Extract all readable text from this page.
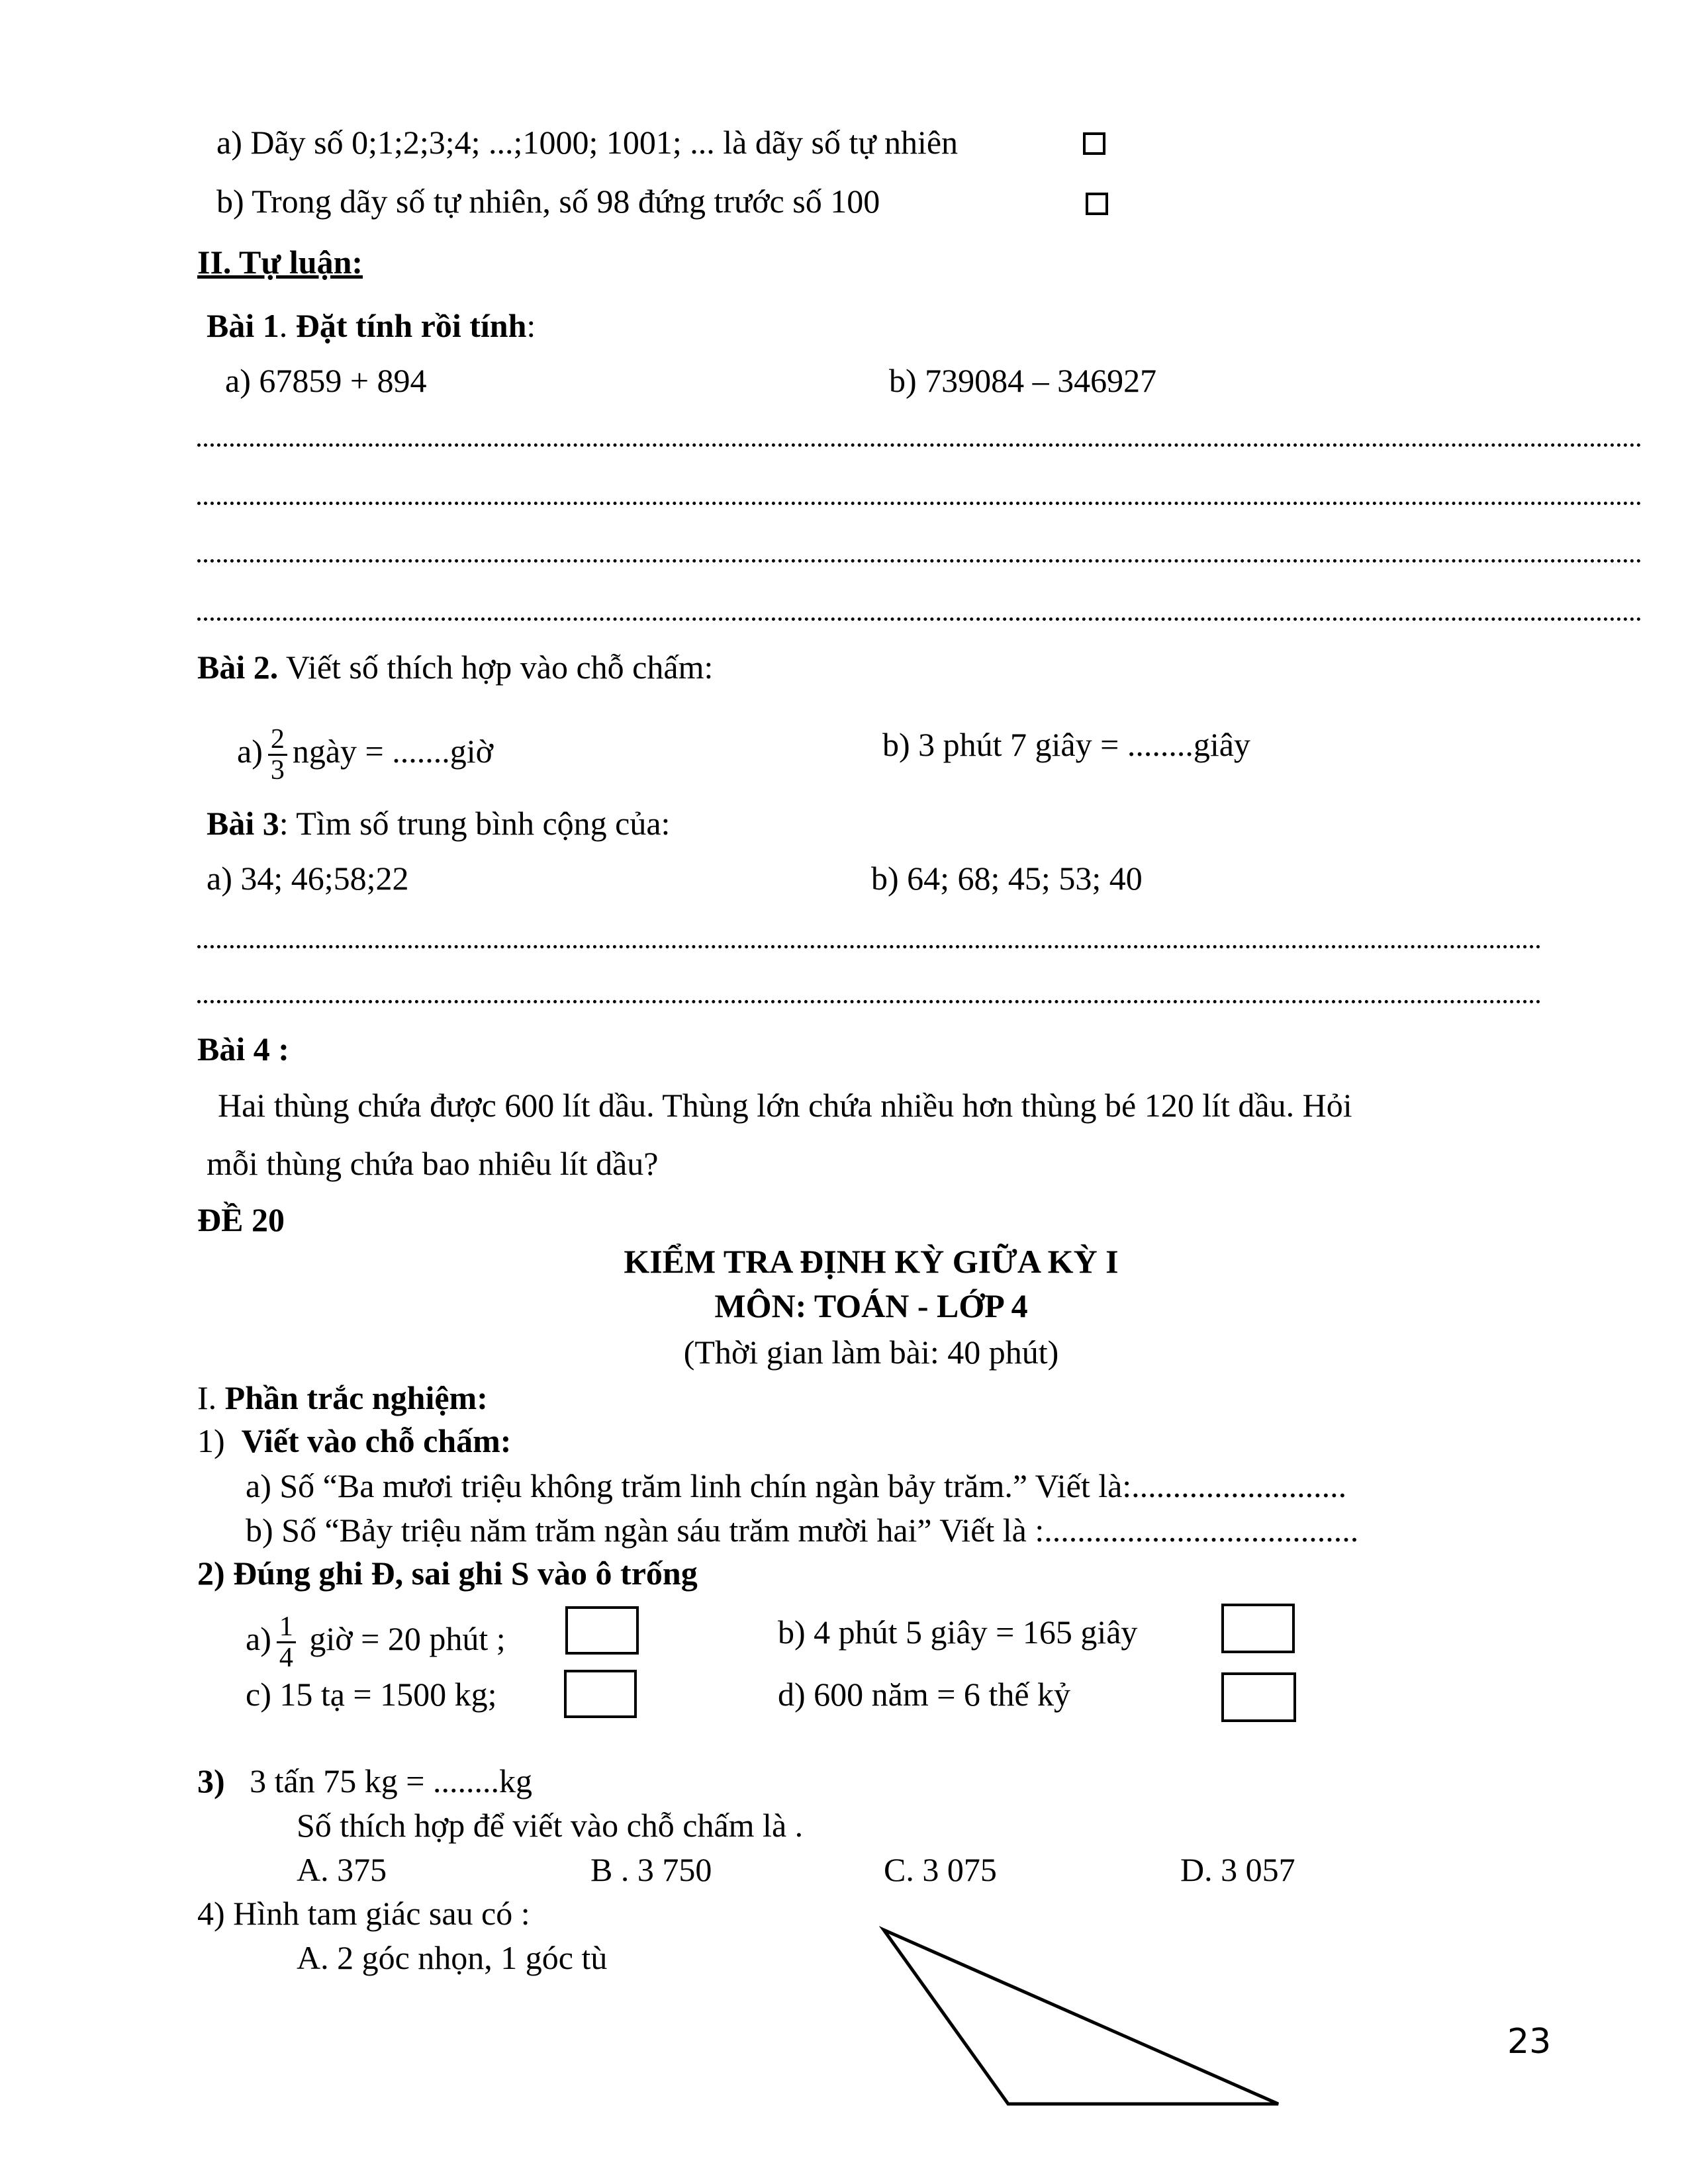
a) Dãy số 0;1;2;3;4; ...;1000; 1001; ... là dãy số tự nhiên
b) Trong dãy số tự nhiên, số 98 đứng trước số 100
II. Tự luận:
Bài 1. Đặt tính rồi tính:
a) 67859 + 894	b) 739084 – 346927
Bài 2. Viết số thích hợp vào chỗ chấm:
$a) \frac{2}{3}$ ngày = .......giờ	b) 3 phút 7 giây = ........giây
Bài 3: Tìm số trung bình cộng của:
a) 34; 46;58;22	b) 64; 68; 45; 53; 40
Bài 4 :
Hai thùng chứa được 600 lít dầu. Thùng lớn chứa nhiều hơn thùng bé 120 lít dầu. Hỏi
mỗi thùng chứa bao nhiêu lít dầu?
ĐỀ 20
KIỂM TRA ĐỊNH KỲ GIỮA KỲ I
MÔN: TOÁN - LỚP 4
(Thời gian làm bài: 40 phút)
I. Phần trắc nghiệm:
1) Viết vào chỗ chấm:
a) Số “Ba mươi triệu không trăm linh chín ngàn bảy trăm.” Viết là:..........................
b) Số “Bảy triệu năm trăm ngàn sáu trăm mười hai” Viết là :......................................
2) Đúng ghi Đ, sai ghi S vào ô trống
$a) \frac{1}{4}$ giờ = 20 phút ;	b) 4 phút 5 giây = 165 giây
c) 15 tạ = 1500 kg;	d) 600 năm = 6 thế kỷ
3) 3 tấn 75 kg = ........kg
Số thích hợp để viết vào chỗ chấm là .
A. 375	B . 3 750	C. 3 075	D. 3 057
4) Hình tam giác sau có :
A. 2 góc nhọn, 1 góc tù
23
